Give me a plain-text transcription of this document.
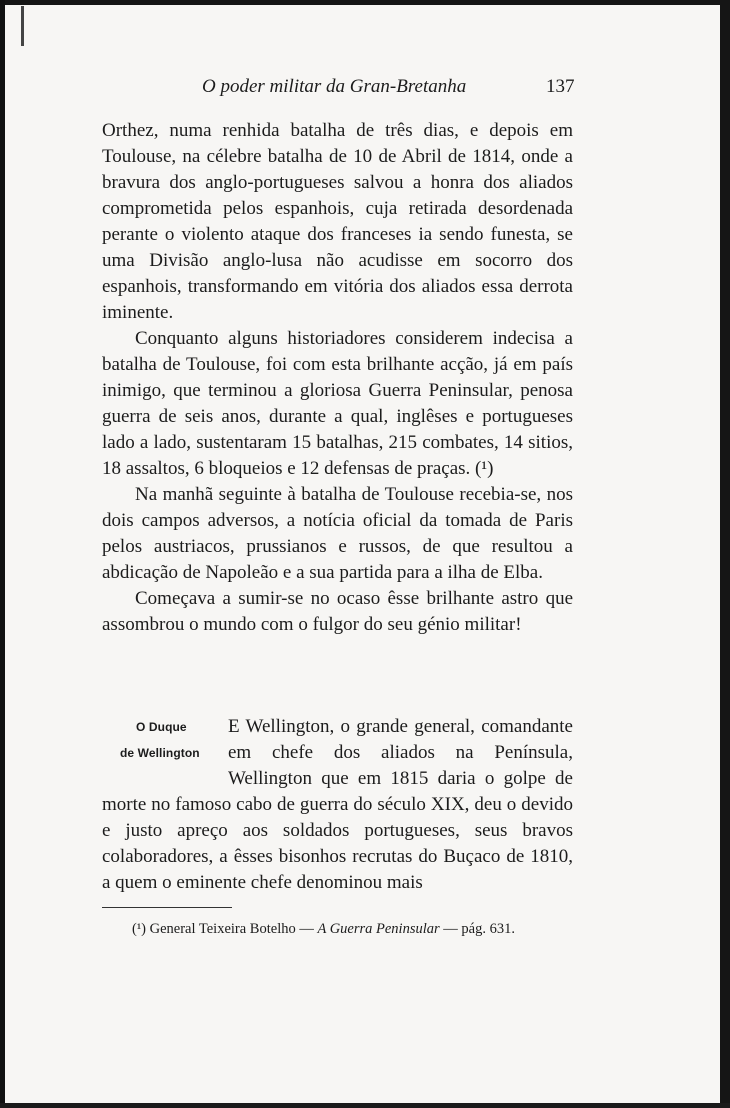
O poder militar da Gran-Bretanha	137

Orthez, numa renhida batalha de três dias, e depois em Toulouse, na célebre batalha de 10 de Abril de 1814, onde a bravura dos anglo-portugueses salvou a honra dos aliados comprometida pelos espanhois, cuja retirada desordenada perante o violento ataque dos franceses ia sendo funesta, se uma Divisão anglo-lusa não acudisse em socorro dos espanhois, transformando em vitória dos aliados essa derrota iminente.

Conquanto alguns historiadores considerem indecisa a batalha de Toulouse, foi com esta brilhante acção, já em país inimigo, que terminou a gloriosa Guerra Peninsular, penosa guerra de seis anos, durante a qual, inglêses e portugueses lado a lado, sustentaram 15 batalhas, 215 combates, 14 sitios, 18 assaltos, 6 bloqueios e 12 defensas de praças. (¹)

Na manhã seguinte à batalha de Toulouse recebia-se, nos dois campos adversos, a notícia oficial da tomada de Paris pelos austriacos, prussianos e russos, de que resultou a abdicação de Napoleão e a sua partida para a ilha de Elba.

Começava a sumir-se no ocaso êsse brilhante astro que assombrou o mundo com o fulgor do seu génio militar!

O Duque
de Wellington

E Wellington, o grande general, comandante em chefe dos aliados na Península, Wellington que em 1815 daria o golpe de morte no famoso cabo de guerra do século XIX, deu o devido e justo apreço aos soldados portugueses, seus bravos colaboradores, a êsses bisonhos recrutas do Buçaco de 1810, a quem o eminente chefe denominou mais

(¹) General Teixeira Botelho — A Guerra Peninsular — pág. 631.
